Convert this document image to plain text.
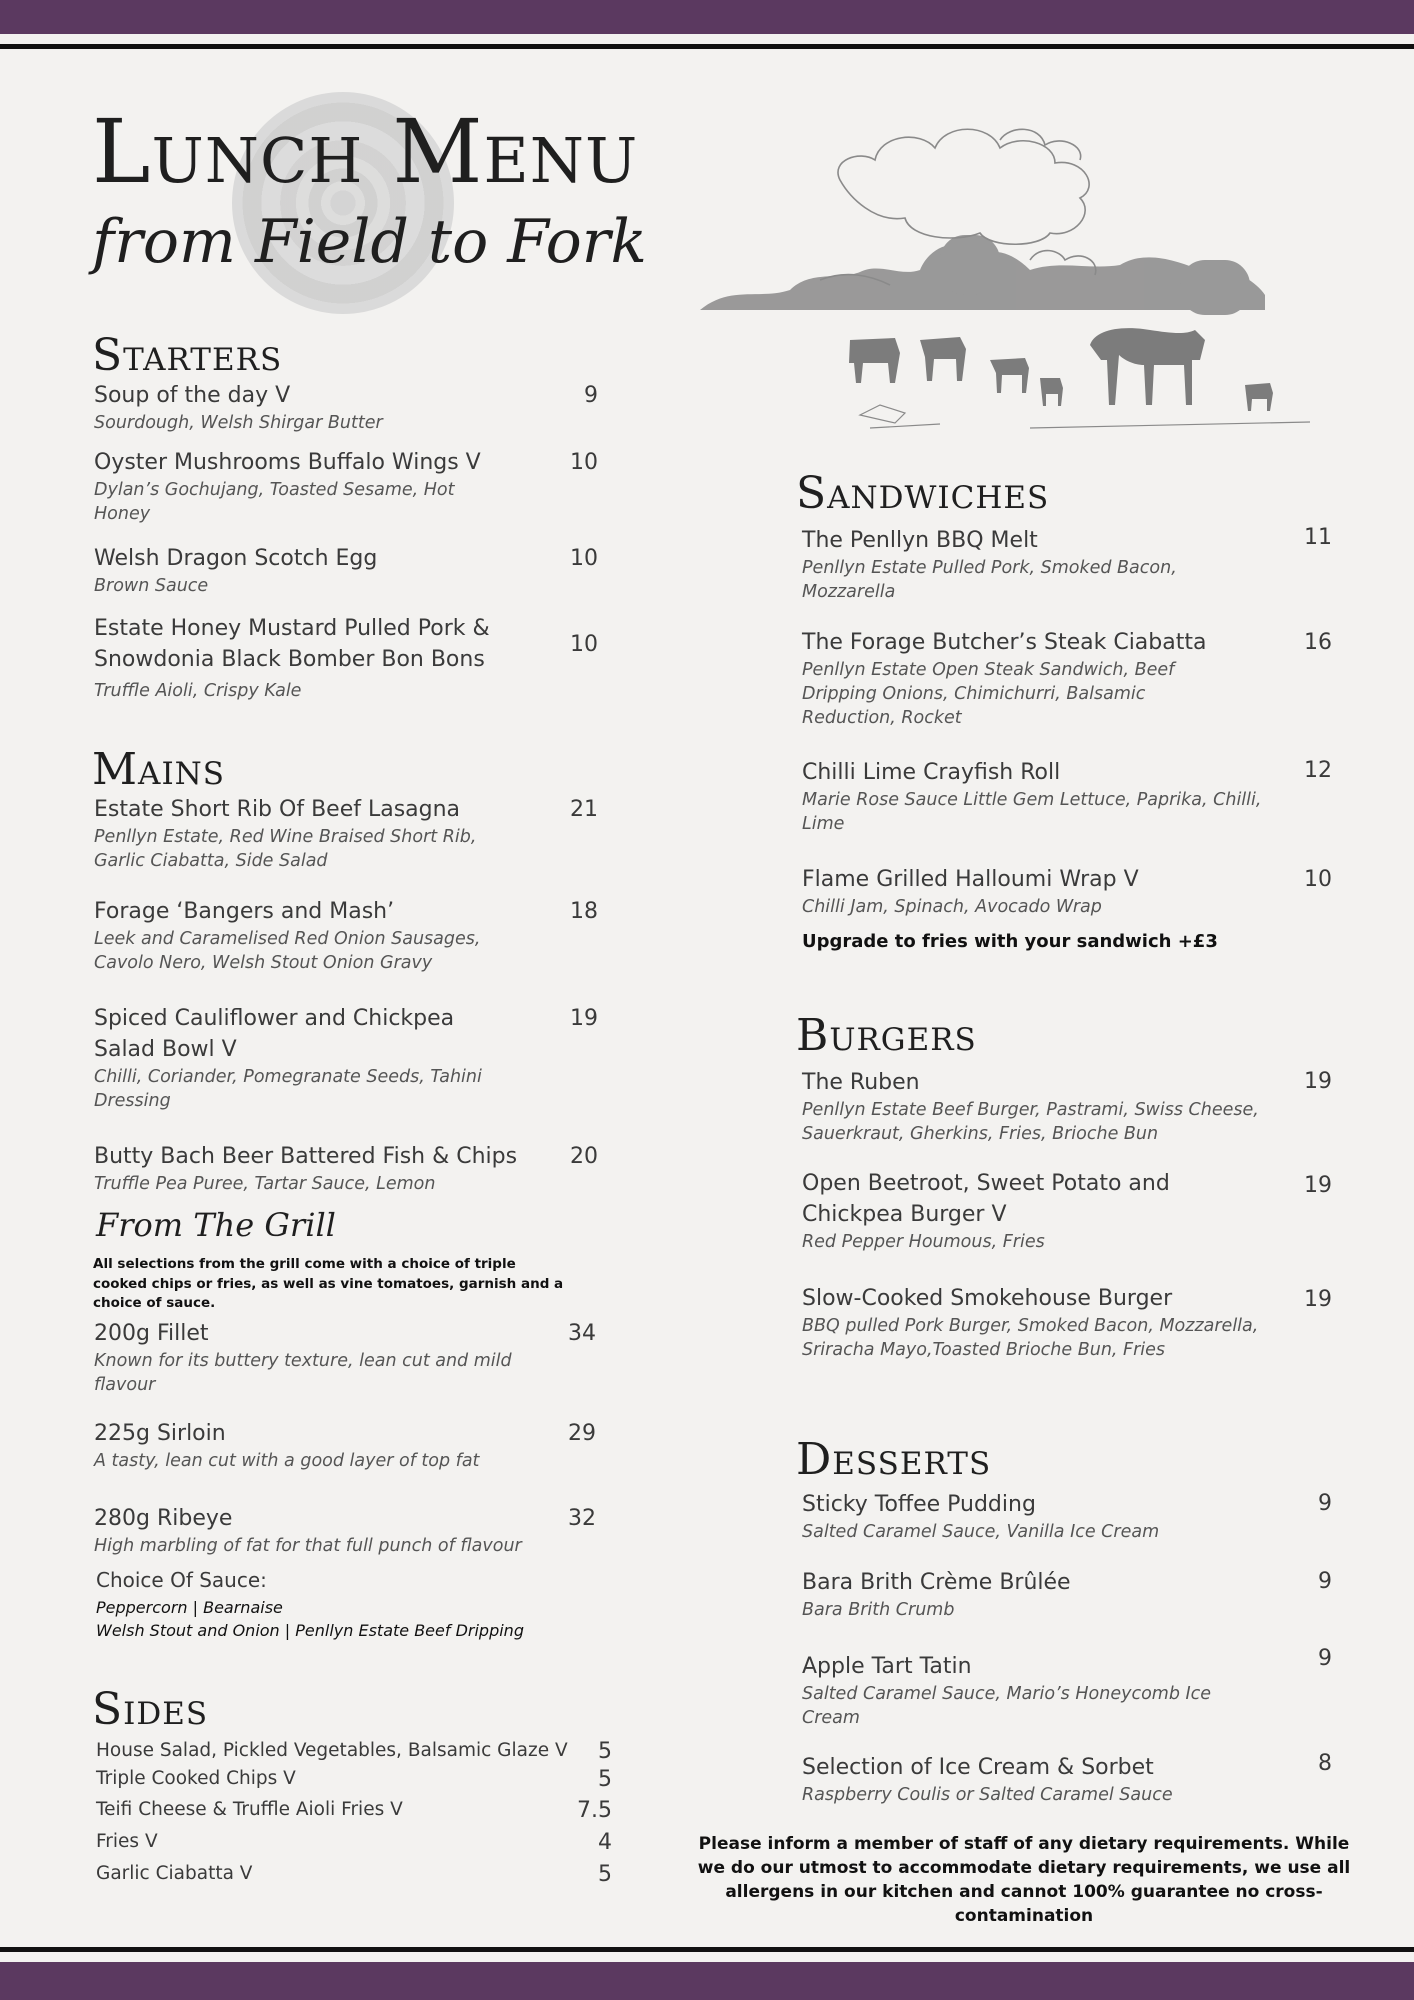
Lunch Menu
from Field to Fork
Starters
Soup of the day V
Sourdough, Welsh Shirgar Butter
9
Oyster Mushrooms Buffalo Wings V
Dylan’s Gochujang, Toasted Sesame, Hot Honey
10
Welsh Dragon Scotch Egg
Brown Sauce
10
Estate Honey Mustard Pulled Pork & Snowdonia Black Bomber Bon Bons
Truffle Aioli, Crispy Kale
10
Mains
Estate Short Rib Of Beef Lasagna
Penllyn Estate, Red Wine Braised Short Rib, Garlic Ciabatta, Side Salad
21
Forage ‘Bangers and Mash’
Leek and Caramelised Red Onion Sausages, Cavolo Nero, Welsh Stout Onion Gravy
18
Spiced Cauliflower and Chickpea Salad Bowl V
Chilli, Coriander, Pomegranate Seeds, Tahini Dressing
19
Butty Bach Beer Battered Fish & Chips
Truffle Pea Puree, Tartar Sauce, Lemon
20
From The Grill
All selections from the grill come with a choice of triple cooked chips or fries, as well as vine tomatoes, garnish and a choice of sauce.
200g Fillet
Known for its buttery texture, lean cut and mild flavour
34
225g Sirloin
A tasty, lean cut with a good layer of top fat
29
280g Ribeye
High marbling of fat for that full punch of flavour
32
Choice Of Sauce:
Peppercorn | Bearnaise
Welsh Stout and Onion | Penllyn Estate Beef Dripping
Sides
House Salad, Pickled Vegetables, Balsamic Glaze V 5
Triple Cooked Chips V	5
Teifi Cheese & Truffle Aioli Fries V	7.5
Fries V	4
Garlic Ciabatta V	5
Sandwiches
The Penllyn BBQ Melt
Penllyn Estate Pulled Pork, Smoked Bacon, Mozzarella
11
The Forage Butcher’s Steak Ciabatta
Penllyn Estate Open Steak Sandwich, Beef Dripping Onions, Chimichurri, Balsamic Reduction, Rocket
16
Chilli Lime Crayfish Roll
Marie Rose Sauce Little Gem Lettuce, Paprika, Chilli, Lime
12
Flame Grilled Halloumi Wrap V
Chilli Jam, Spinach, Avocado Wrap
10
Upgrade to fries with your sandwich +£3
Burgers
The Ruben
Penllyn Estate Beef Burger, Pastrami, Swiss Cheese, Sauerkraut, Gherkins, Fries, Brioche Bun
19
Open Beetroot, Sweet Potato and Chickpea Burger V
Red Pepper Houmous, Fries
19
Slow-Cooked Smokehouse Burger
BBQ pulled Pork Burger, Smoked Bacon, Mozzarella, Sriracha Mayo,Toasted Brioche Bun, Fries
19
Desserts
Sticky Toffee Pudding
Salted Caramel Sauce, Vanilla Ice Cream
9
Bara Brith Crème Brûlée
Bara Brith Crumb
9
Apple Tart Tatin
Salted Caramel Sauce, Mario’s Honeycomb Ice Cream
9
Selection of Ice Cream & Sorbet
Raspberry Coulis or Salted Caramel Sauce
8
Please inform a member of staff of any dietary requirements. While we do our utmost to accommodate dietary requirements, we use all allergens in our kitchen and cannot 100% guarantee no cross-contamination
